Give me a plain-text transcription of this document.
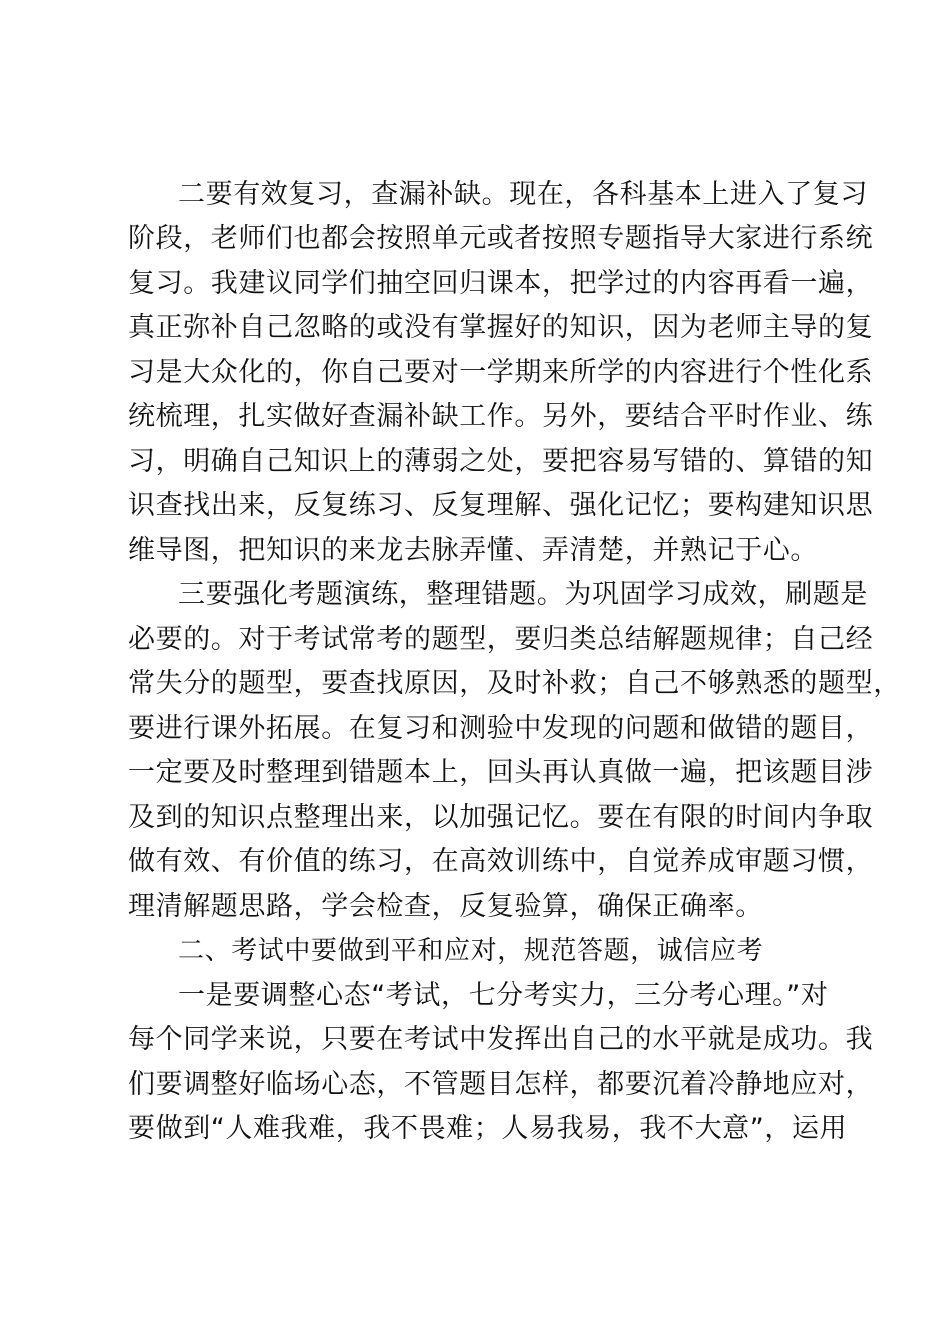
二要有效复习，查漏补缺。现在，各科基本上进入了复习
阶段，老师们也都会按照单元或者按照专题指导大家进行系统
复习。我建议同学们抽空回归课本，把学过的内容再看一遍，
真正弥补自己忽略的或没有掌握好的知识，因为老师主导的复
习是大众化的，你自己要对一学期来所学的内容进行个性化系
统梳理，扎实做好查漏补缺工作。另外，要结合平时作业、练
习，明确自己知识上的薄弱之处，要把容易写错的、算错的知
识查找出来，反复练习、反复理解、强化记忆；要构建知识思
维导图，把知识的来龙去脉弄懂、弄清楚，并熟记于心。
三要强化考题演练，整理错题。为巩固学习成效，刷题是
必要的。对于考试常考的题型，要归类总结解题规律；自己经
常失分的题型，要查找原因，及时补救；自己不够熟悉的题型，
要进行课外拓展。在复习和测验中发现的问题和做错的题目，
一定要及时整理到错题本上，回头再认真做一遍，把该题目涉
及到的知识点整理出来，以加强记忆。要在有限的时间内争取
做有效、有价值的练习，在高效训练中，自觉养成审题习惯，
理清解题思路，学会检查，反复验算，确保正确率。
二、考试中要做到平和应对，规范答题，诚信应考
一是要调整心态“考试，七分考实力，三分考心理。”对
每个同学来说，只要在考试中发挥出自己的水平就是成功。我
们要调整好临场心态，不管题目怎样，都要沉着冷静地应对，
要做到“人难我难，我不畏难；人易我易，我不大意”，运用
